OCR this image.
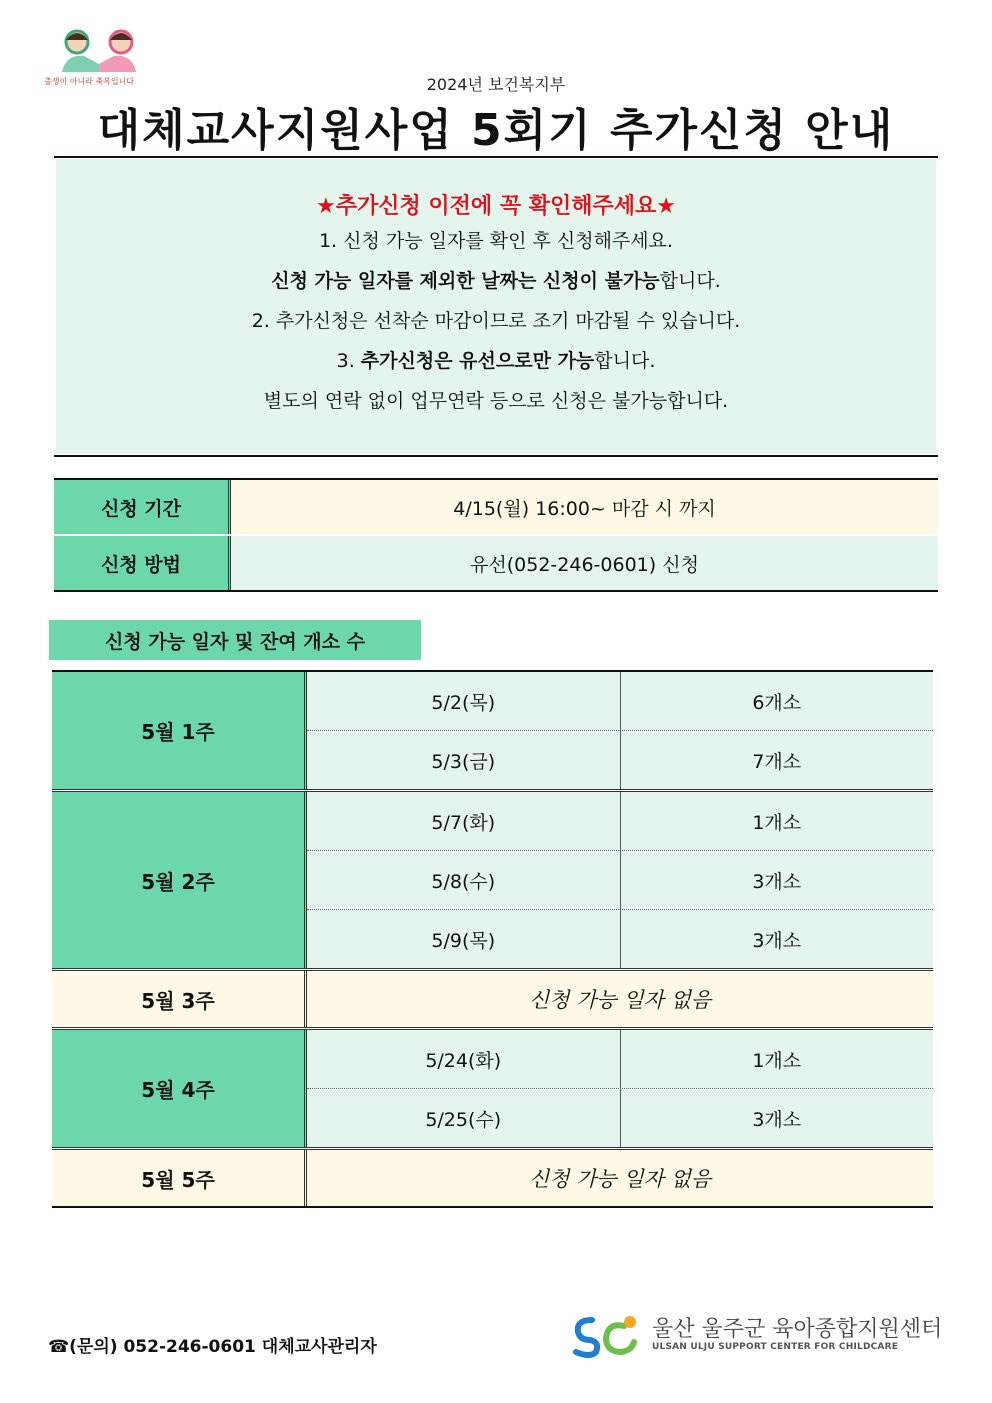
출생이 아니라 축복입니다	2024년 보건복지부
대체교사지원사업 5회기 추가신청 안내
★추가신청 이전에 꼭 확인해주세요★
1. 신청 가능 일자를 확인 후 신청해주세요.
신청 가능 일자를 제외한 날짜는 신청이 불가능합니다.
2. 추가신청은 선착순 마감이므로 조기 마감될 수 있습니다.
3. 추가신청은 유선으로만 가능합니다.
별도의 연락 없이 업무연락 등으로 신청은 불가능합니다.
신청 기간	4/15(월) 16:00~ 마감 시 까지
신청 방법	유선(052-246-0601) 신청
신청 가능 일자 및 잔여 개소 수
5월 1주
5/2(목)	6개소
5/3(금)	7개소
5월 2주
5/7(화)	1개소
5/8(수)	3개소
5/9(목)	3개소
5월 3주	신청 가능 일자 없음
5월 4주
5/24(화)	1개소
5/25(수)	3개소
5월 5주	신청 가능 일자 없음
☎(문의) 052-246-0601 대체교사관리자
울산 울주군 육아종합지원센터
ULSAN ULJU SUPPORT CENTER FOR CHILDCARE
